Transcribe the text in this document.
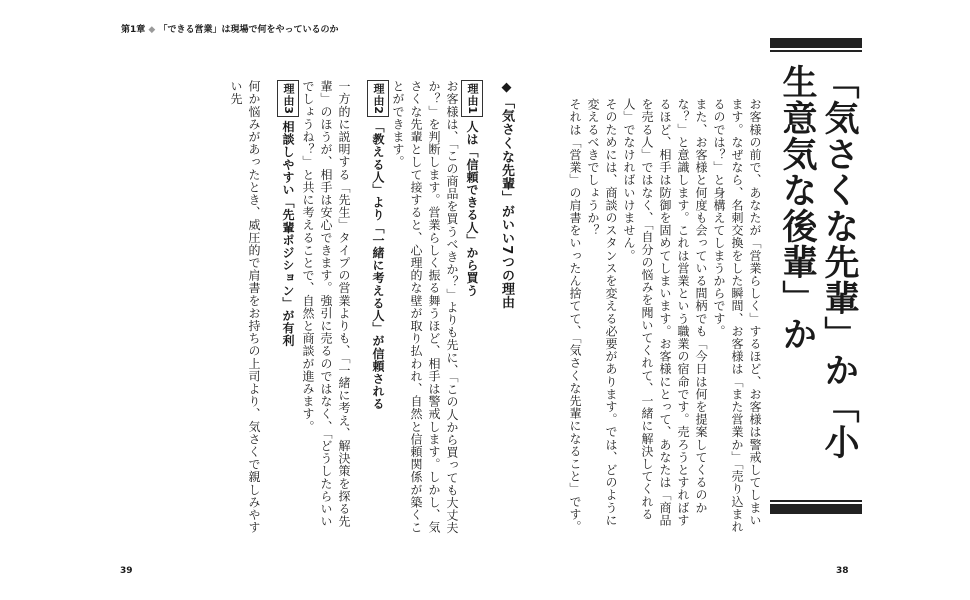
第1章 ◆ 「できる営業」は現場で何をやっているのか
「気さくな先輩」か「小生意気な後輩」か

お客様の前で、あなたが「営業らしく」するほど、お客様は警戒してしまいます。なぜなら、名刺交換をした瞬間、お客様は「また営業か」「売り込まれるのでは？」と身構えてしまうからです。

また、お客様と何度も会っている間柄でも「今日は何を提案してくるのかな？」と意識します。これは営業という職業の宿命です。売ろうとすればするほど、相手は防御を固めてしまいます。お客様にとって、あなたは「商品を売る人」ではなく、「自分の悩みを聞いてくれて、一緒に解決してくれる人」でなければいけません。

そのためには、商談のスタンスを変える必要があります。では、どのように変えるべきでしょうか？

それは「営業」の肩書をいったん捨てて、「気さくな先輩になること」です。

◆「気さくな先輩」がいい7つの理由

理由1人は「信頼できる人」から買う

お客様は、「この商品を買うべきか？」よりも先に、「この人から買っても大丈夫か？」を判断します。営業らしく振る舞うほど、相手は警戒します。しかし、気さくな先輩として接すると、心理的な壁が取り払われ、自然と信頼関係が築くことができます。

理由2「教える人」より「一緒に考える人」が信頼される

一方的に説明する「先生」タイプの営業よりも、「一緒に考え、解決策を探る先輩」のほうが、相手は安心できます。強引に売るのではなく、「どうしたらいいでしょうね？」と共に考えることで、自然と商談が進みます。

理由3相談しやすい「先輩ポジション」が有利

何か悩みがあったとき、威圧的で肩書をお持ちの上司より、気さくで親しみやすい先

39	38
